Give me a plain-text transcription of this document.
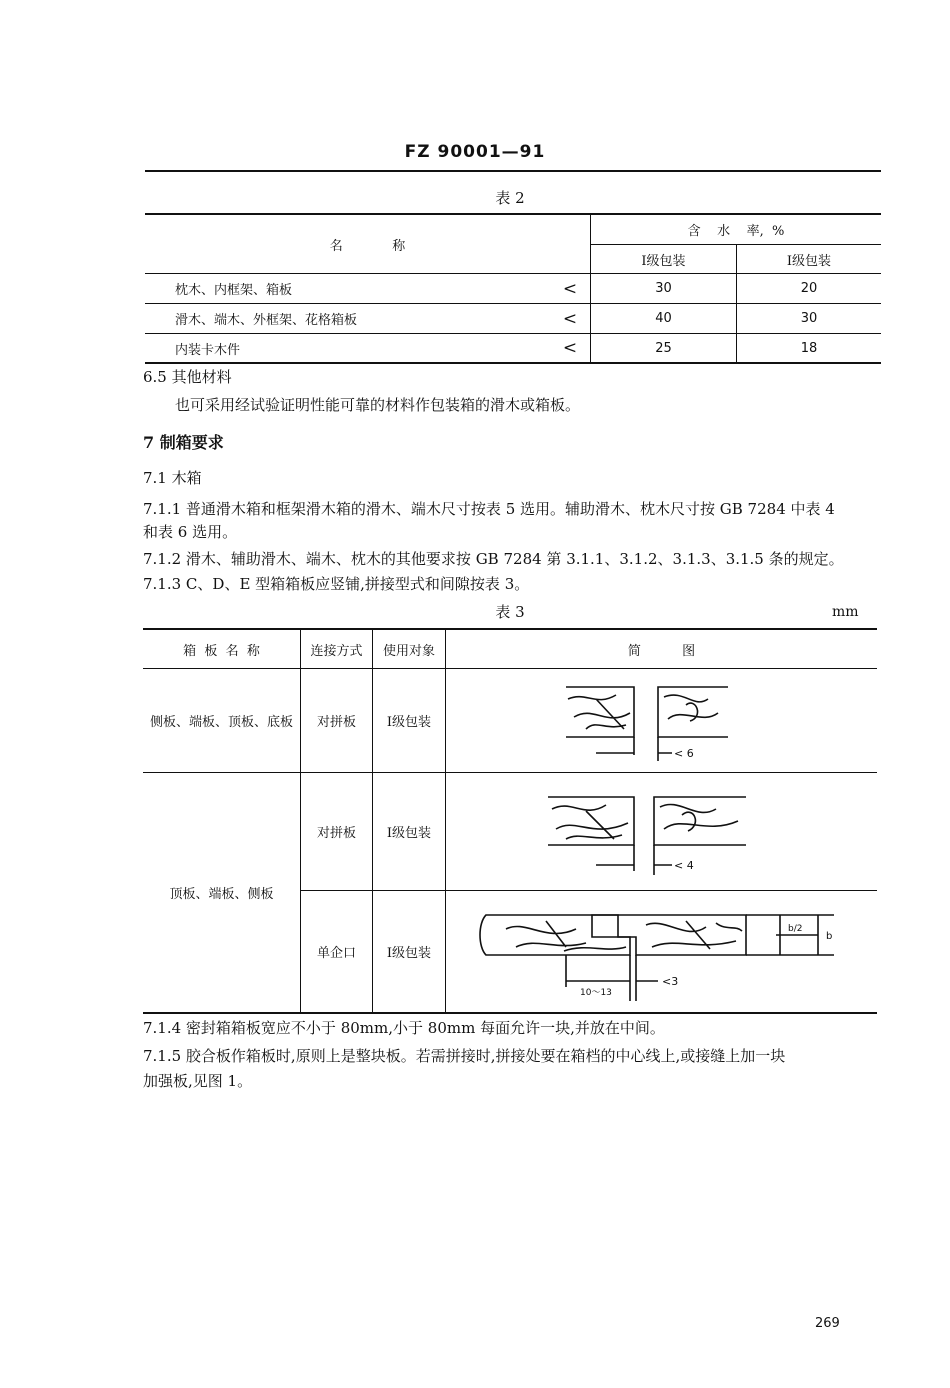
FZ 90001—91
表 2
名            称
含    水    率,  %
Ⅰ级包装	Ⅰ级包装
枕木、内框架、箱板	<	30	20
滑木、端木、外框架、花格箱板	<	40	30
内装卡木件	<	25	18
6.5 其他材料
也可采用经试验证明性能可靠的材料作包装箱的滑木或箱板。
7 制箱要求
7.1 木箱
7.1.1 普通滑木箱和框架滑木箱的滑木、端木尺寸按表 5 选用。辅助滑木、枕木尺寸按 GB 7284 中表 4
和表 6 选用。
7.1.2 滑木、辅助滑木、端木、枕木的其他要求按 GB 7284 第 3.1.1、3.1.2、3.1.3、3.1.5 条的规定。
7.1.3 C、D、E 型箱箱板应竖铺,拼接型式和间隙按表 3。
表 3	mm
箱  板  名  称	连接方式	使用对象	简          图
侧板、端板、顶板、底板	对拼板	Ⅰ级包装
顶板、端板、侧板
对拼板	Ⅰ级包装
单企口	Ⅰ级包装
< 6
< 4
10～13
<3
b/2
b
7.1.4 密封箱箱板宽应不小于 80mm,小于 80mm 每面允许一块,并放在中间。
7.1.5 胶合板作箱板时,原则上是整块板。若需拼接时,拼接处要在箱档的中心线上,或接缝上加一块
加强板,见图 1。
269
